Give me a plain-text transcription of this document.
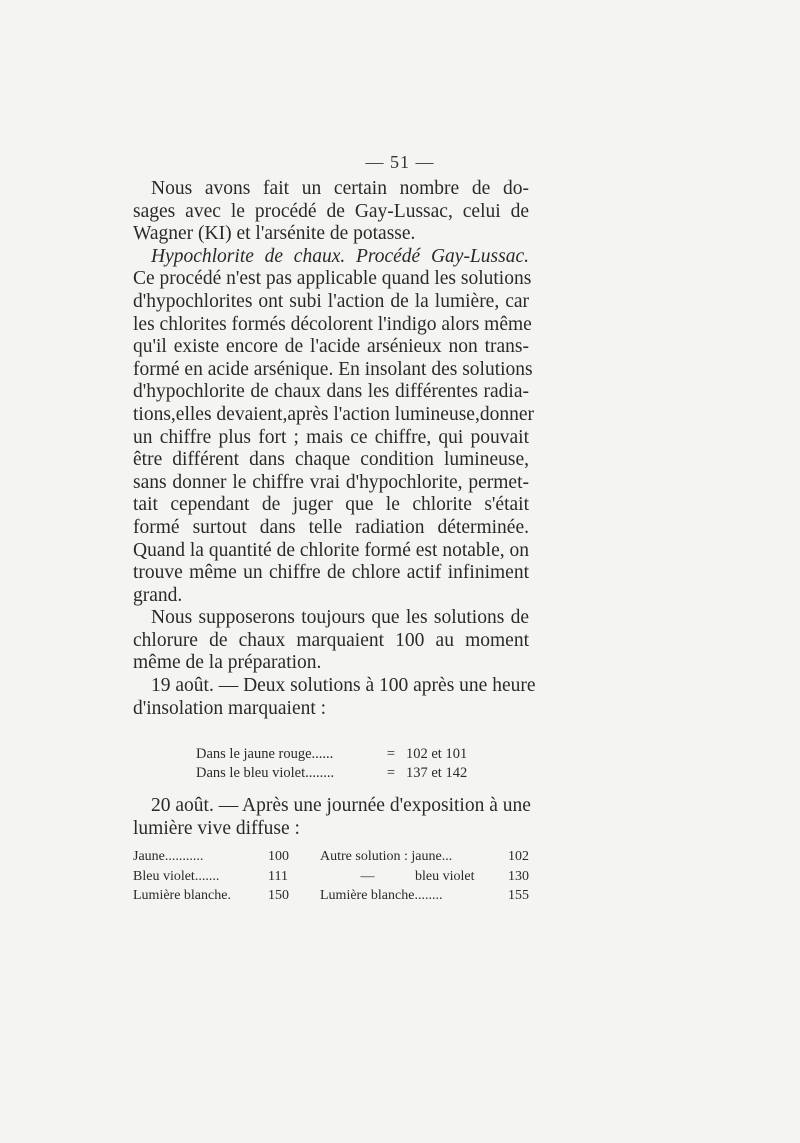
— 51 —
Nous avons fait un certain nombre de do-
sages avec le procédé de Gay-Lussac, celui de
Wagner (KI) et l'arsénite de potasse.
Hypochlorite de chaux. Procédé Gay-Lussac.
Ce procédé n'est pas applicable quand les solutions
d'hypochlorites ont subi l'action de la lumière, car
les chlorites formés décolorent l'indigo alors même
qu'il existe encore de l'acide arsénieux non trans-
formé en acide arsénique. En insolant des solutions
d'hypochlorite de chaux dans les différentes radia-
tions,elles devaient,après l'action lumineuse,donner
un chiffre plus fort ; mais ce chiffre, qui pouvait
être différent dans chaque condition lumineuse,
sans donner le chiffre vrai d'hypochlorite, permet-
tait cependant de juger que le chlorite s'était
formé surtout dans telle radiation déterminée.
Quand la quantité de chlorite formé est notable, on
trouve même un chiffre de chlore actif infiniment
grand.
Nous supposerons toujours que les solutions de
chlorure de chaux marquaient 100 au moment
même de la préparation.
19 août. — Deux solutions à 100 après une heure
d'insolation marquaient :
Dans le jaune rouge......	= 102 et 101
Dans le bleu violet........	= 137 et 142
20 août. — Après une journée d'exposition à une
lumière vive diffuse :
Jaune...........	100	Autre solution : jaune...	102
Bleu violet.......	111	—	bleu violet	130
Lumière blanche.	150	Lumière blanche........	155
